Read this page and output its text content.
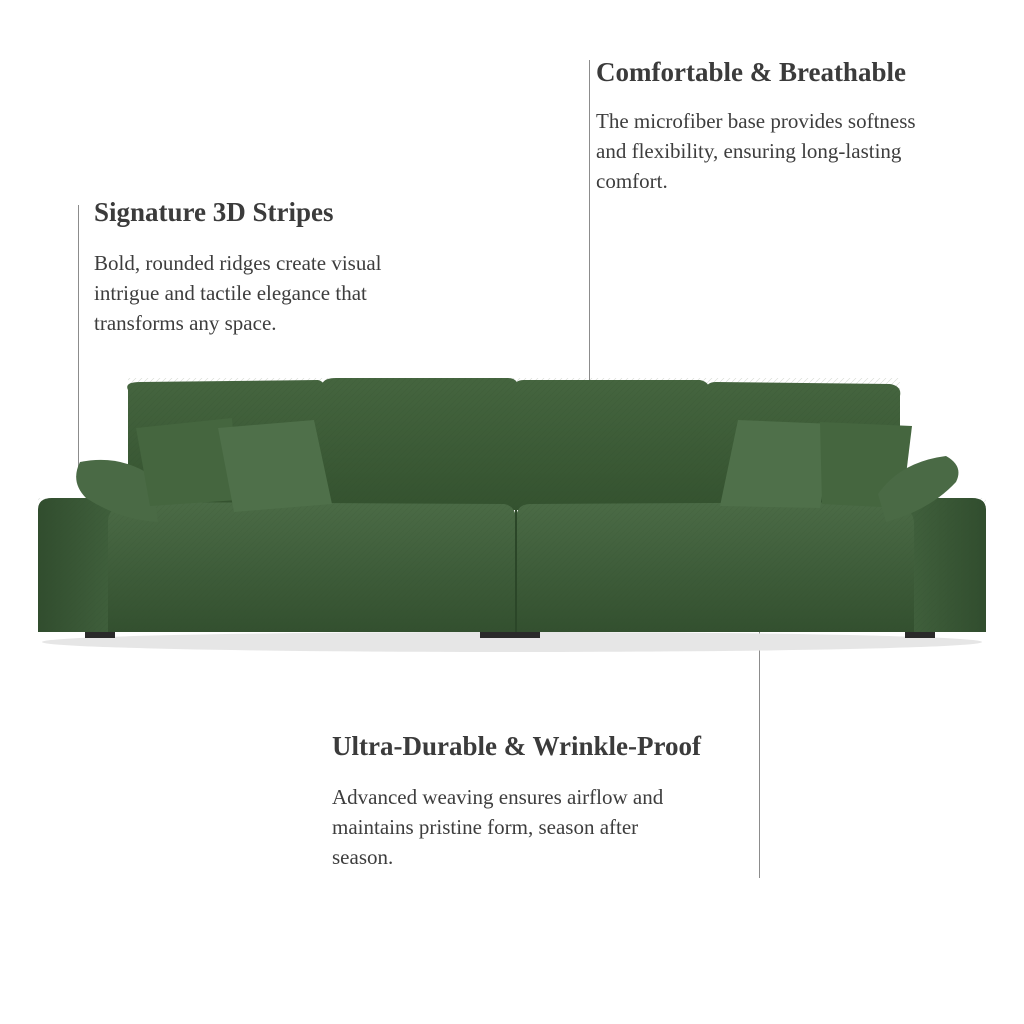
Comfortable & Breathable

The microfiber base provides softness and flexibility, ensuring long-lasting comfort.

Signature 3D Stripes

Bold, rounded ridges create visual intrigue and tactile elegance that transforms any space.

Ultra-Durable & Wrinkle-Proof

Advanced weaving ensures airflow and maintains pristine form, season after season.
